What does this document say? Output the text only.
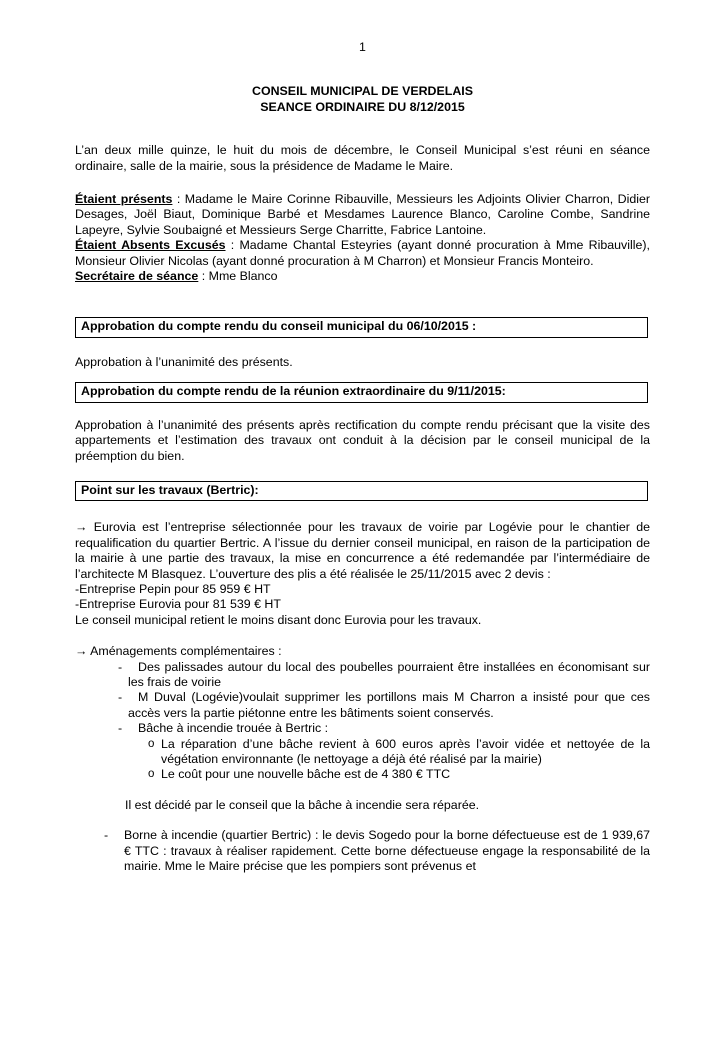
1
CONSEIL MUNICIPAL DE VERDELAIS
SEANCE ORDINAIRE DU 8/12/2015

L’an deux mille quinze, le huit du mois de décembre, le Conseil Municipal s’est réuni en séance ordinaire, salle de la mairie, sous la présidence de Madame le Maire.

Étaient présents : Madame le Maire Corinne Ribauville, Messieurs les Adjoints Olivier Charron, Didier Desages, Joël Biaut, Dominique Barbé et Mesdames Laurence Blanco, Caroline Combe, Sandrine Lapeyre, Sylvie Soubaigné et Messieurs Serge Charritte, Fabrice Lantoine.

Étaient Absents Excusés : Madame Chantal Esteyries (ayant donné procuration à Mme Ribauville), Monsieur Olivier Nicolas (ayant donné procuration à M Charron) et Monsieur Francis Monteiro.

Secrétaire de séance : Mme Blanco

Approbation du compte rendu du conseil municipal du 06/10/2015 :

Approbation à l’unanimité des présents.

Approbation du compte rendu de la réunion extraordinaire du 9/11/2015:

Approbation à l’unanimité des présents après rectification du compte rendu précisant que la visite des appartements et l’estimation des travaux ont conduit à la décision par le conseil municipal de la préemption du bien.

Point sur les travaux (Bertric):

→ Eurovia est l’entreprise sélectionnée pour les travaux de voirie par Logévie pour le chantier de requalification du quartier Bertric. A l’issue du dernier conseil municipal, en raison de la participation de la mairie à une partie des travaux, la mise en concurrence a été redemandée par l’intermédiaire de l’architecte M Blasquez. L’ouverture des plis a été réalisée le 25/11/2015 avec 2 devis :

-Entreprise Pepin pour 85 959 € HT
-Entreprise Eurovia pour 81 539 € HT
Le conseil municipal retient le moins disant donc Eurovia pour les travaux.
→ Aménagements complémentaires :
-	Des palissades autour du local des poubelles pourraient être installées en économisant sur les frais de voirie
-	M Duval (Logévie)voulait supprimer les portillons mais M Charron a insisté pour que ces accès vers la partie piétonne entre les bâtiments soient conservés.
-	Bâche à incendie trouée à Bertric :
o La réparation d’une bâche revient à 600 euros après l’avoir vidée et nettoyée de la végétation environnante (le nettoyage a déjà été réalisé par la mairie)
o Le coût pour une nouvelle bâche est de 4 380 € TTC
Il est décidé par le conseil que la bâche à incendie sera réparée.
- Borne à incendie (quartier Bertric) : le devis Sogedo pour la borne défectueuse est de 1 939,67 € TTC : travaux à réaliser rapidement. Cette borne défectueuse engage la responsabilité de la mairie. Mme le Maire précise que les pompiers sont prévenus et
